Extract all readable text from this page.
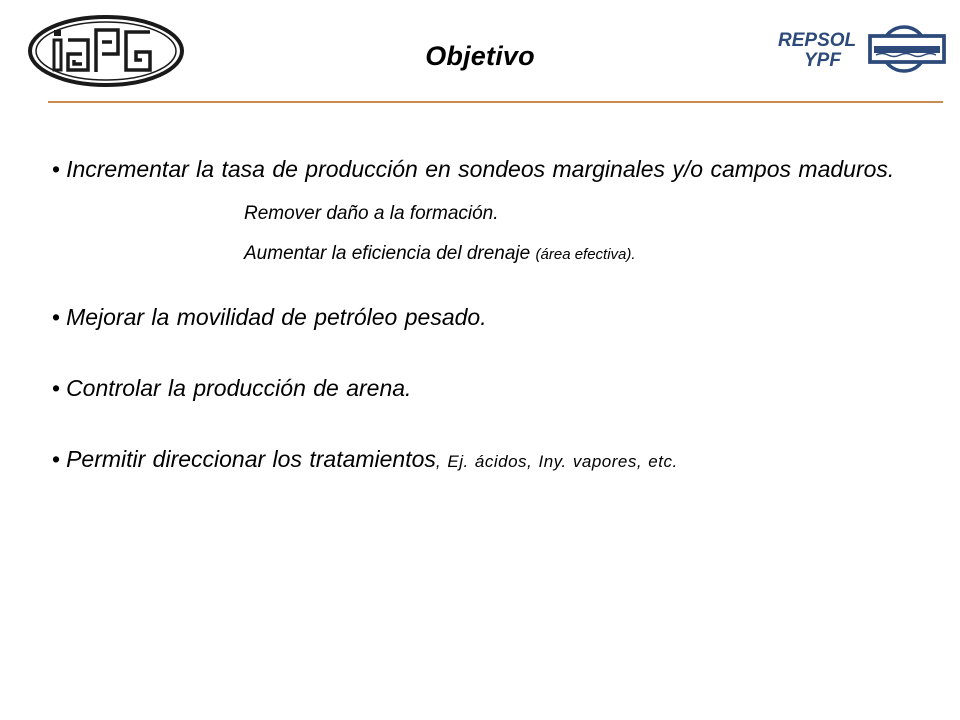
Objetivo
REPSOL
YPF

• Incrementar la tasa de producción en sondeos marginales y/o campos maduros.

Remover daño a la formación.

Aumentar la eficiencia del drenaje (área efectiva).

• Mejorar la movilidad de petróleo pesado.

• Controlar la producción de arena.

• Permitir direccionar los tratamientos, Ej. ácidos, Iny. vapores, etc.
